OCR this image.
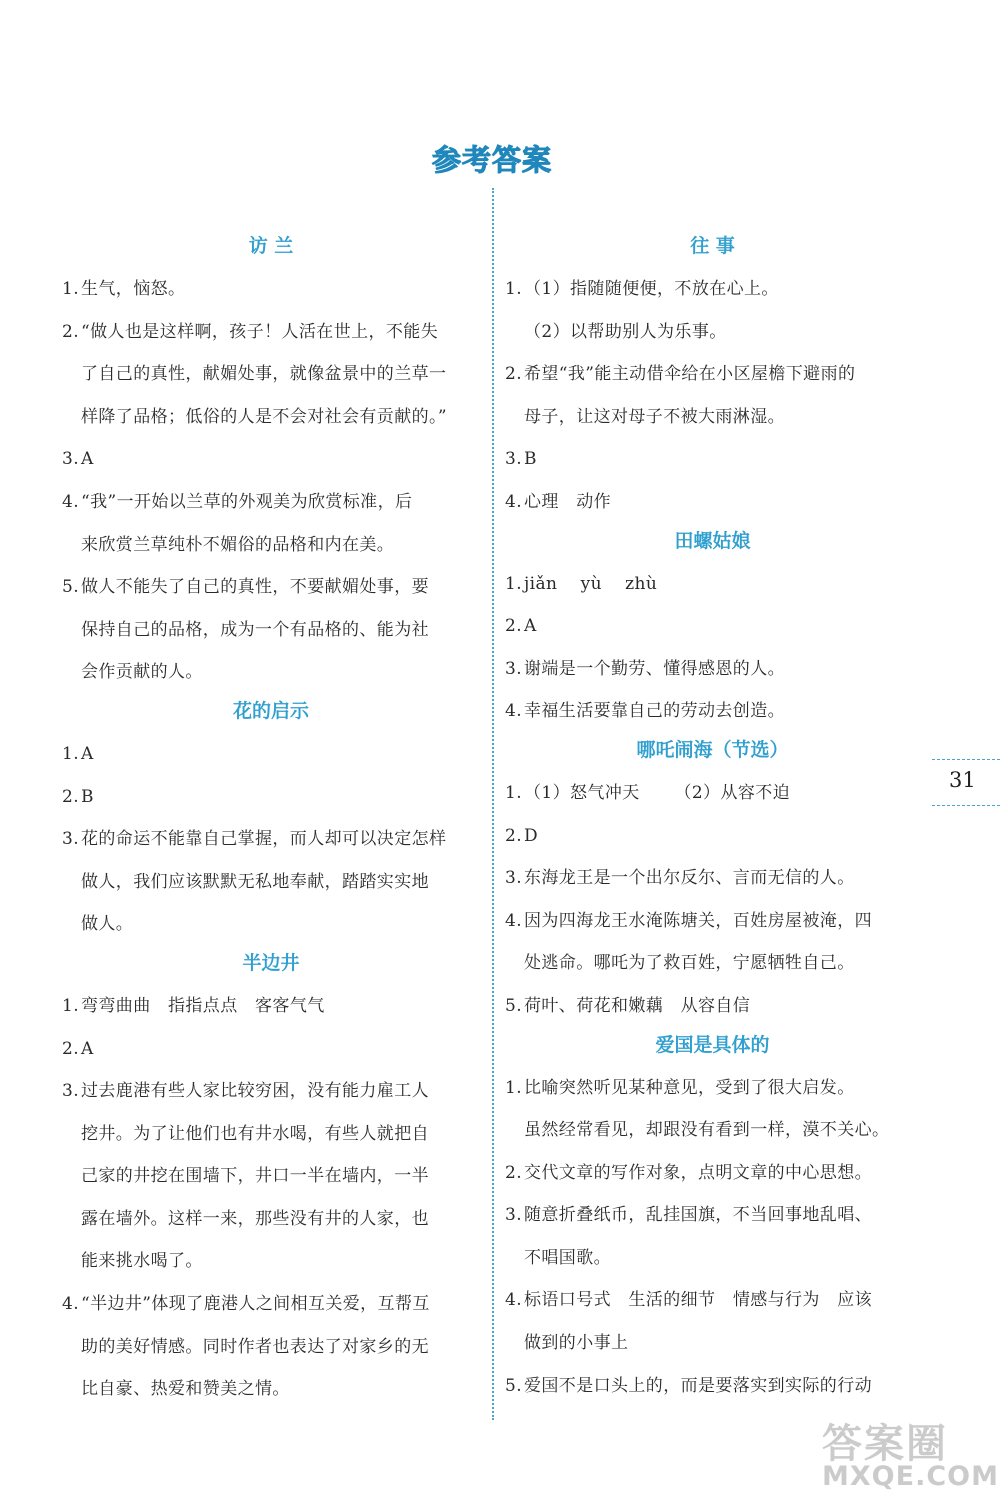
参考答案
访 兰
1. 生气，恼怒。
2. “做人也是这样啊，孩子！人活在世上，不能失
了自己的真性，献媚处事，就像盆景中的兰草一
样降了品格；低俗的人是不会对社会有贡献的。”
3. A
4. “我”一开始以兰草的外观美为欣赏标准，后
来欣赏兰草纯朴不媚俗的品格和内在美。
5. 做人不能失了自己的真性，不要献媚处事，要
保持自己的品格，成为一个有品格的、能为社
会作贡献的人。
花的启示
1. A
2. B
3. 花的命运不能靠自己掌握，而人却可以决定怎样
做人，我们应该默默无私地奉献，踏踏实实地
做人。
半边井
1. 弯弯曲曲   指指点点   客客气气
2. A
3. 过去鹿港有些人家比较穷困，没有能力雇工人
挖井。为了让他们也有井水喝，有些人就把自
己家的井挖在围墙下，井口一半在墙内，一半
露在墙外。这样一来，那些没有井的人家，也
能来挑水喝了。
4. “半边井”体现了鹿港人之间相互关爱，互帮互
助的美好情感。同时作者也表达了对家乡的无
比自豪、热爱和赞美之情。
往 事
1. （1）指随随便便，不放在心上。
（2）以帮助别人为乐事。
2. 希望“我”能主动借伞给在小区屋檐下避雨的
母子，让这对母子不被大雨淋湿。
3. B
4. 心理   动作
田螺姑娘
1. jiǎn    yù    zhù
2. A
3. 谢端是一个勤劳、懂得感恩的人。
4. 幸福生活要靠自己的劳动去创造。
哪吒闹海（节选）
1. （1）怒气冲天      （2）从容不迫
2. D
3. 东海龙王是一个出尔反尔、言而无信的人。
4. 因为四海龙王水淹陈塘关，百姓房屋被淹，四
处逃命。哪吒为了救百姓，宁愿牺牲自己。
5. 荷叶、荷花和嫩藕   从容自信
爱国是具体的
1. 比喻突然听见某种意见，受到了很大启发。
虽然经常看见，却跟没有看到一样，漠不关心。
2. 交代文章的写作对象，点明文章的中心思想。
3. 随意折叠纸币，乱挂国旗，不当回事地乱唱、
不唱国歌。
4. 标语口号式   生活的细节   情感与行为   应该
做到的小事上
5. 爱国不是口头上的，而是要落实到实际的行动
31
答案圈
MXQE.COM
